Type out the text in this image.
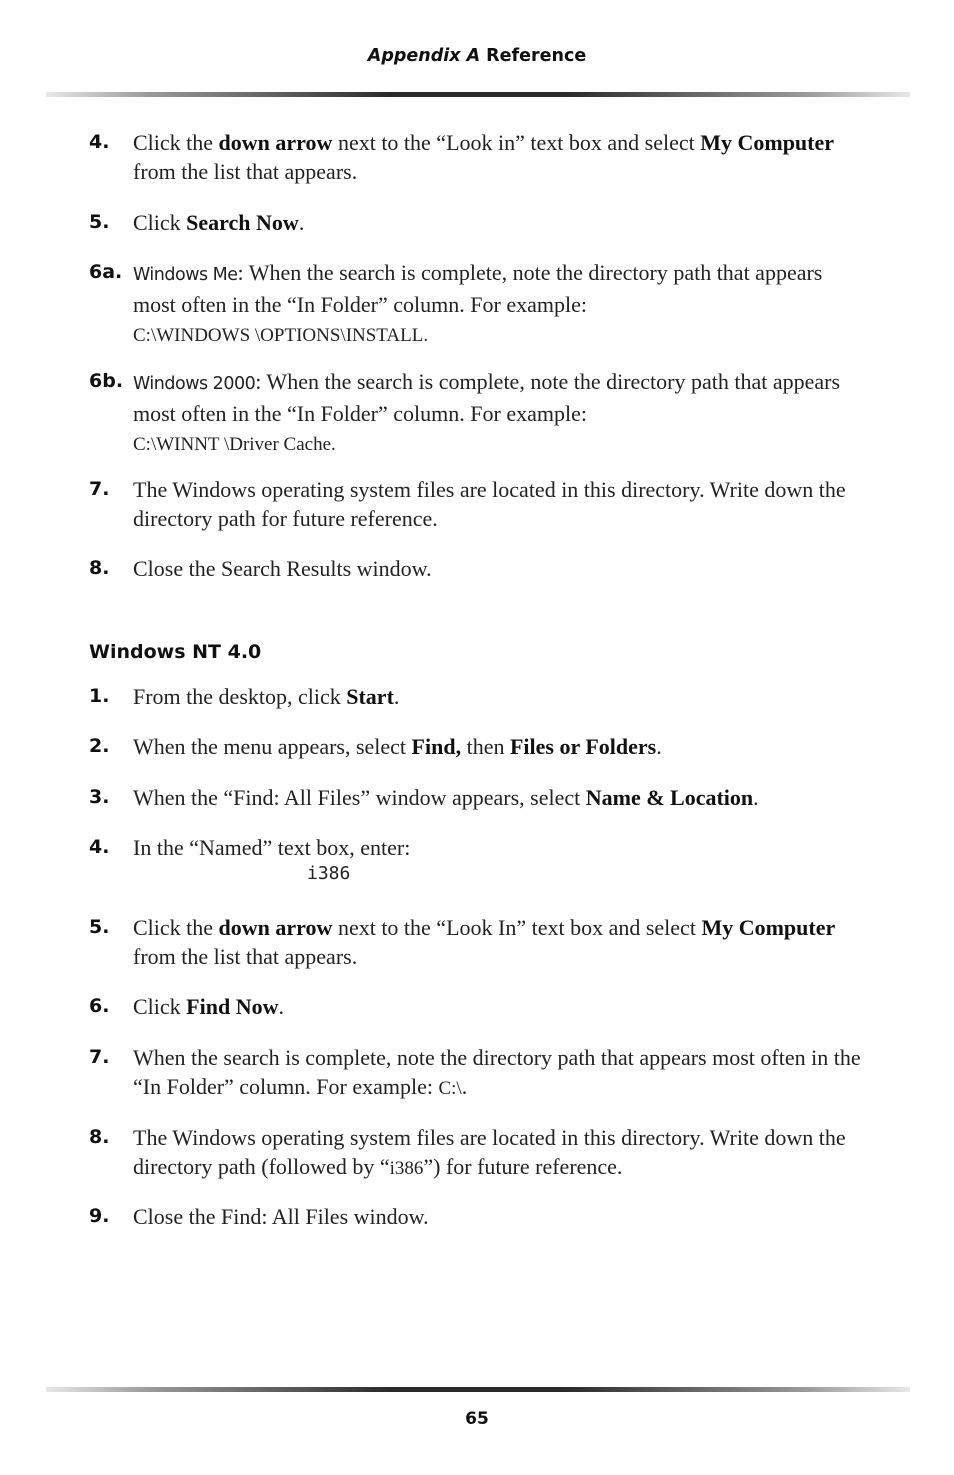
Appendix A Reference
4. Click the down arrow next to the “Look in” text box and select My Computer from the list that appears.
5. Click Search Now.
6a. Windows Me: When the search is complete, note the directory path that appears most often in the “In Folder” column. For example:
C:\WINDOWS \OPTIONS\INSTALL.
6b. Windows 2000: When the search is complete, note the directory path that appears most often in the “In Folder” column. For example:
C:\WINNT \Driver Cache.
7. The Windows operating system files are located in this directory. Write down the directory path for future reference.
8. Close the Search Results window.
Windows NT 4.0
1. From the desktop, click Start.
2. When the menu appears, select Find, then Files or Folders.
3. When the “Find: All Files” window appears, select Name & Location.
4. In the “Named” text box, enter:
i386
5. Click the down arrow next to the “Look In” text box and select My Computer from the list that appears.
6. Click Find Now.
7. When the search is complete, note the directory path that appears most often in the “In Folder” column. For example: C:\.
8. The Windows operating system files are located in this directory. Write down the directory path (followed by “i386”) for future reference.
9. Close the Find: All Files window.
65
